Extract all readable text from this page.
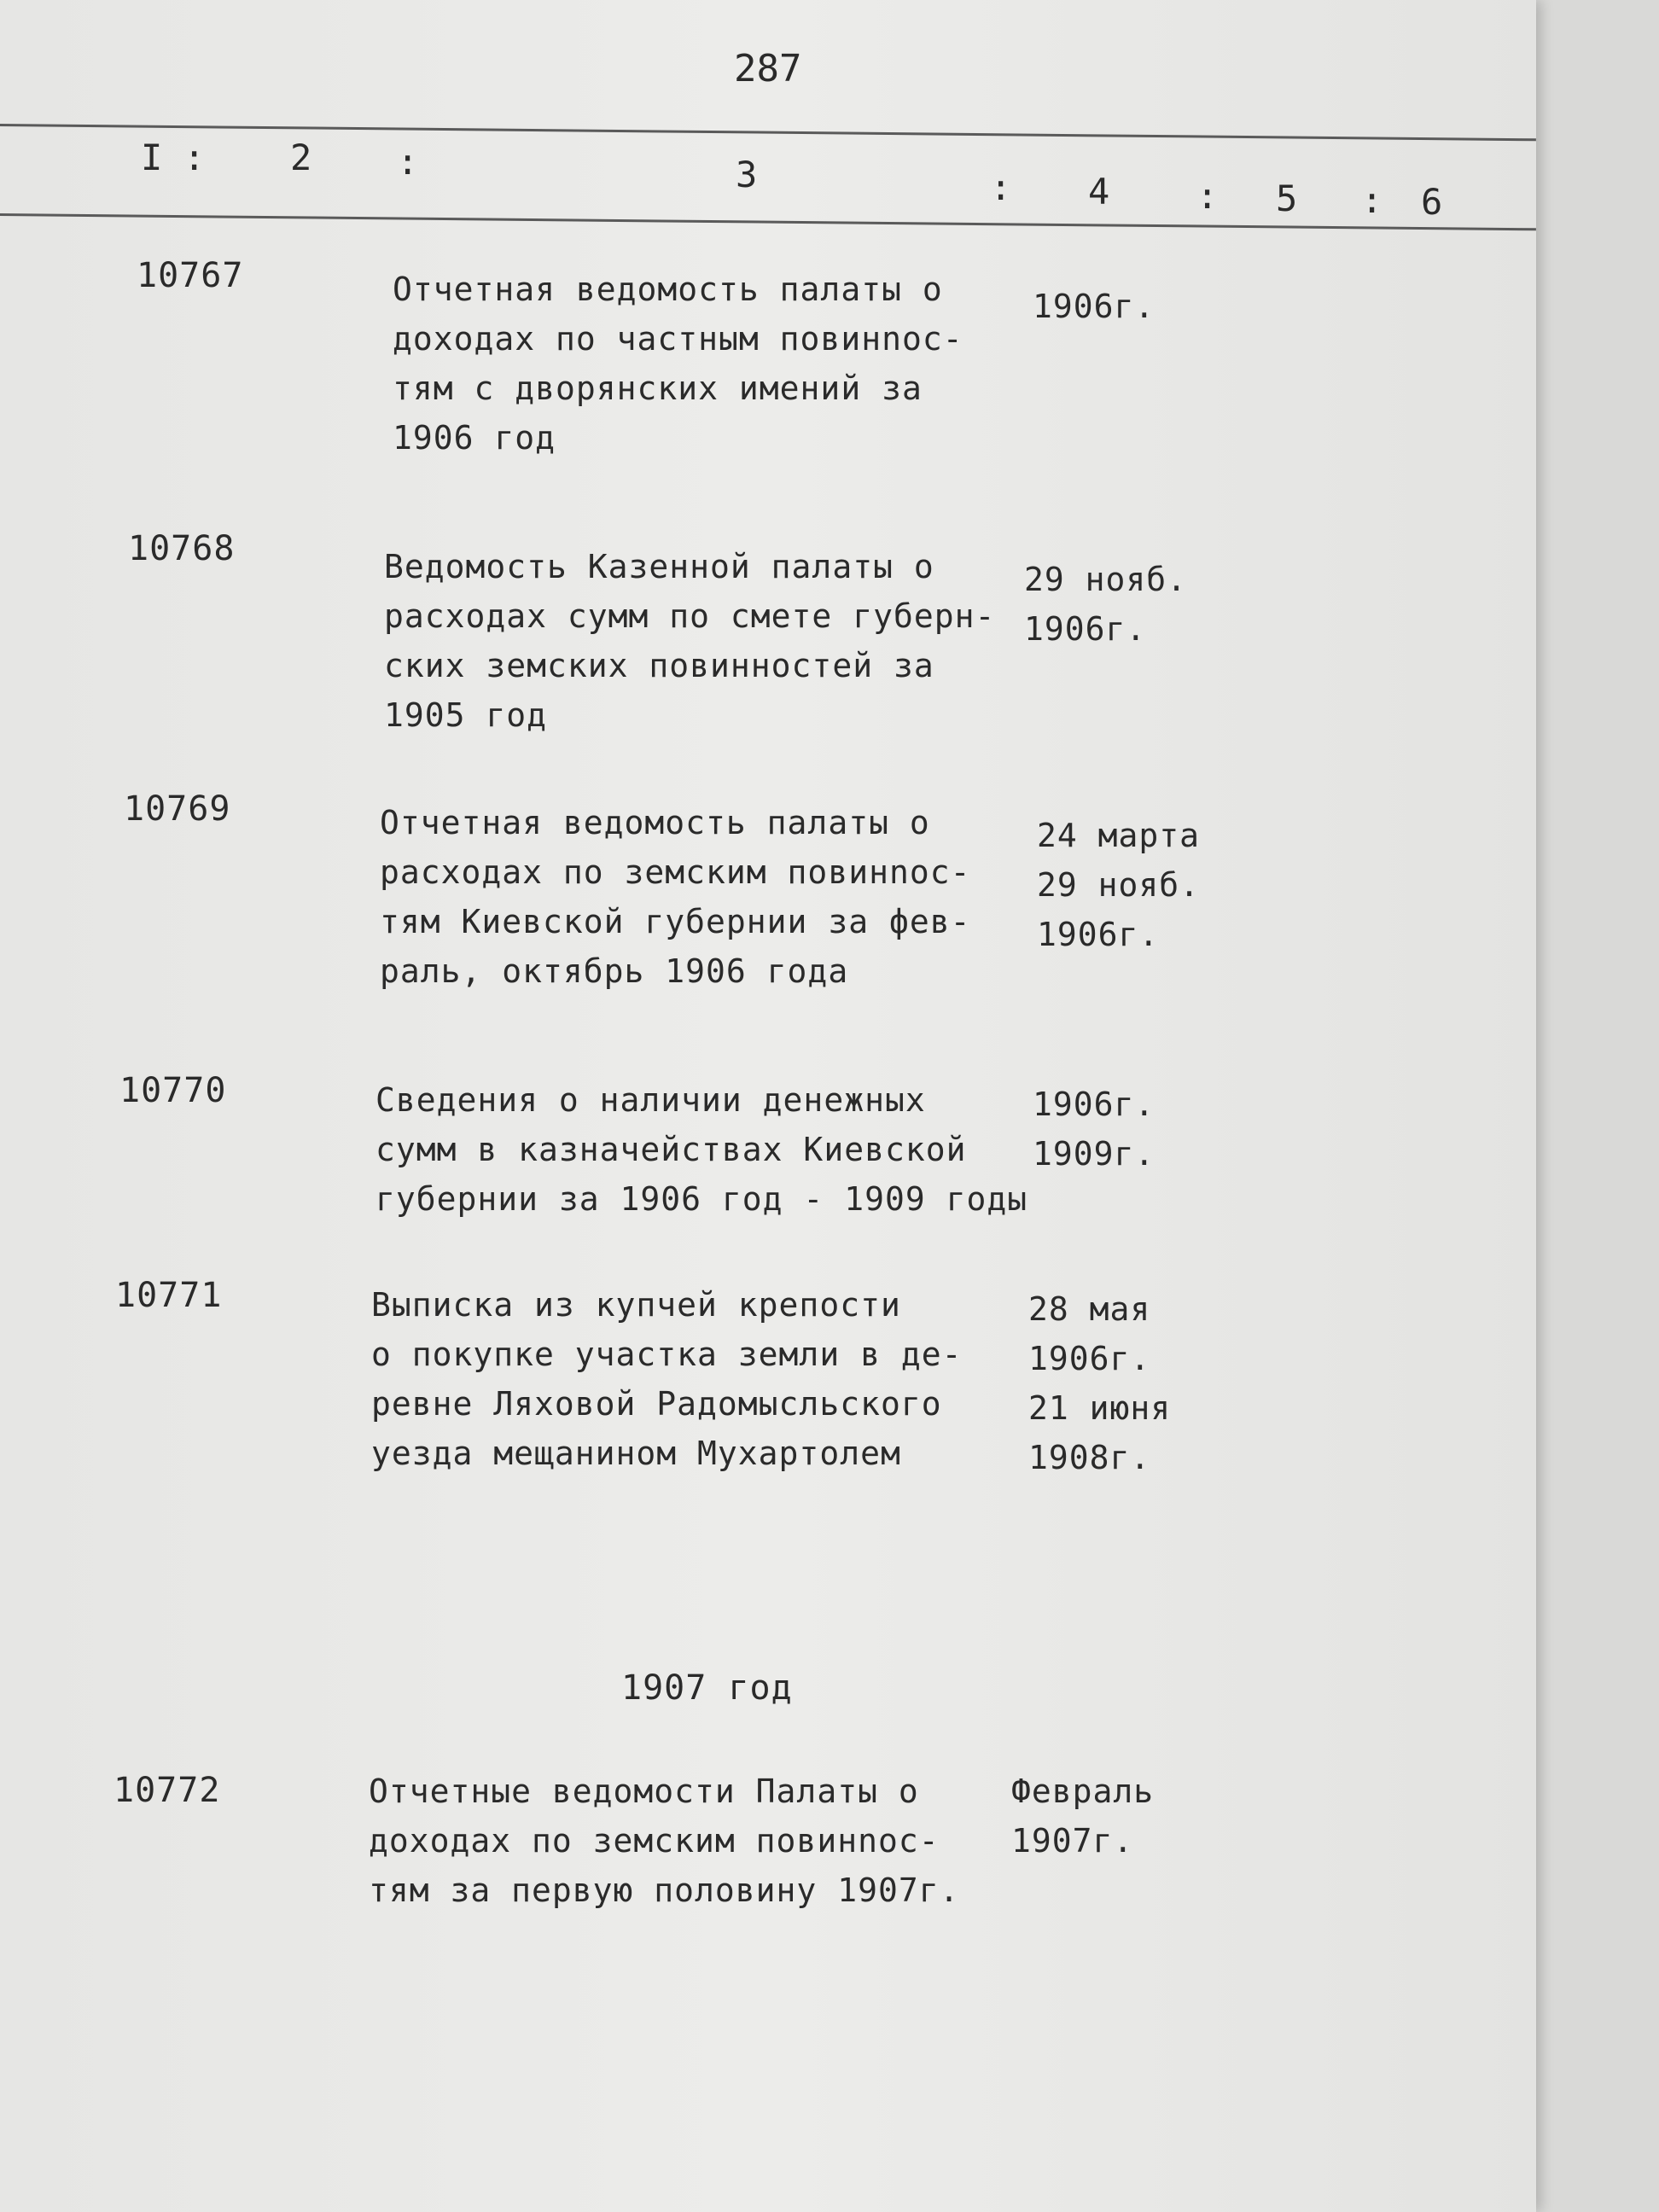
287
I : 2 :	3	: 4 : 5 : 6
10767	Отчетная ведомость палаты о
доходах по частным повинnос-
тям с дворянских имений за
1906 год
1906г.
10768	Ведомость Казенной палаты о
расходах сумм по смете губерн-
ских земских повинностей за
1905 год
29 нояб.
1906г.
10769	Отчетная ведомость палаты о
расходах по земским повинnос-
тям Киевской губернии за фев-
раль, октябрь 1906 года
24 марта
29 нояб.
1906г.
10770	Сведения о наличии денежных
сумм в казначействах Киевской
губернии за 1906 год - 1909 годы
1906г.
1909г.
10771	Выписка из купчей крепости
о покупке участка земли в де-
ревне Ляховой Радомысльского
уезда мещанином Мухартолем
28 мая
1906г.
21 июня
1908г.
1907 год
10772	Отчетные ведомости Палаты о
доходах по земским повинnос-
тям за первую половину 1907г.
Февраль
1907г.
